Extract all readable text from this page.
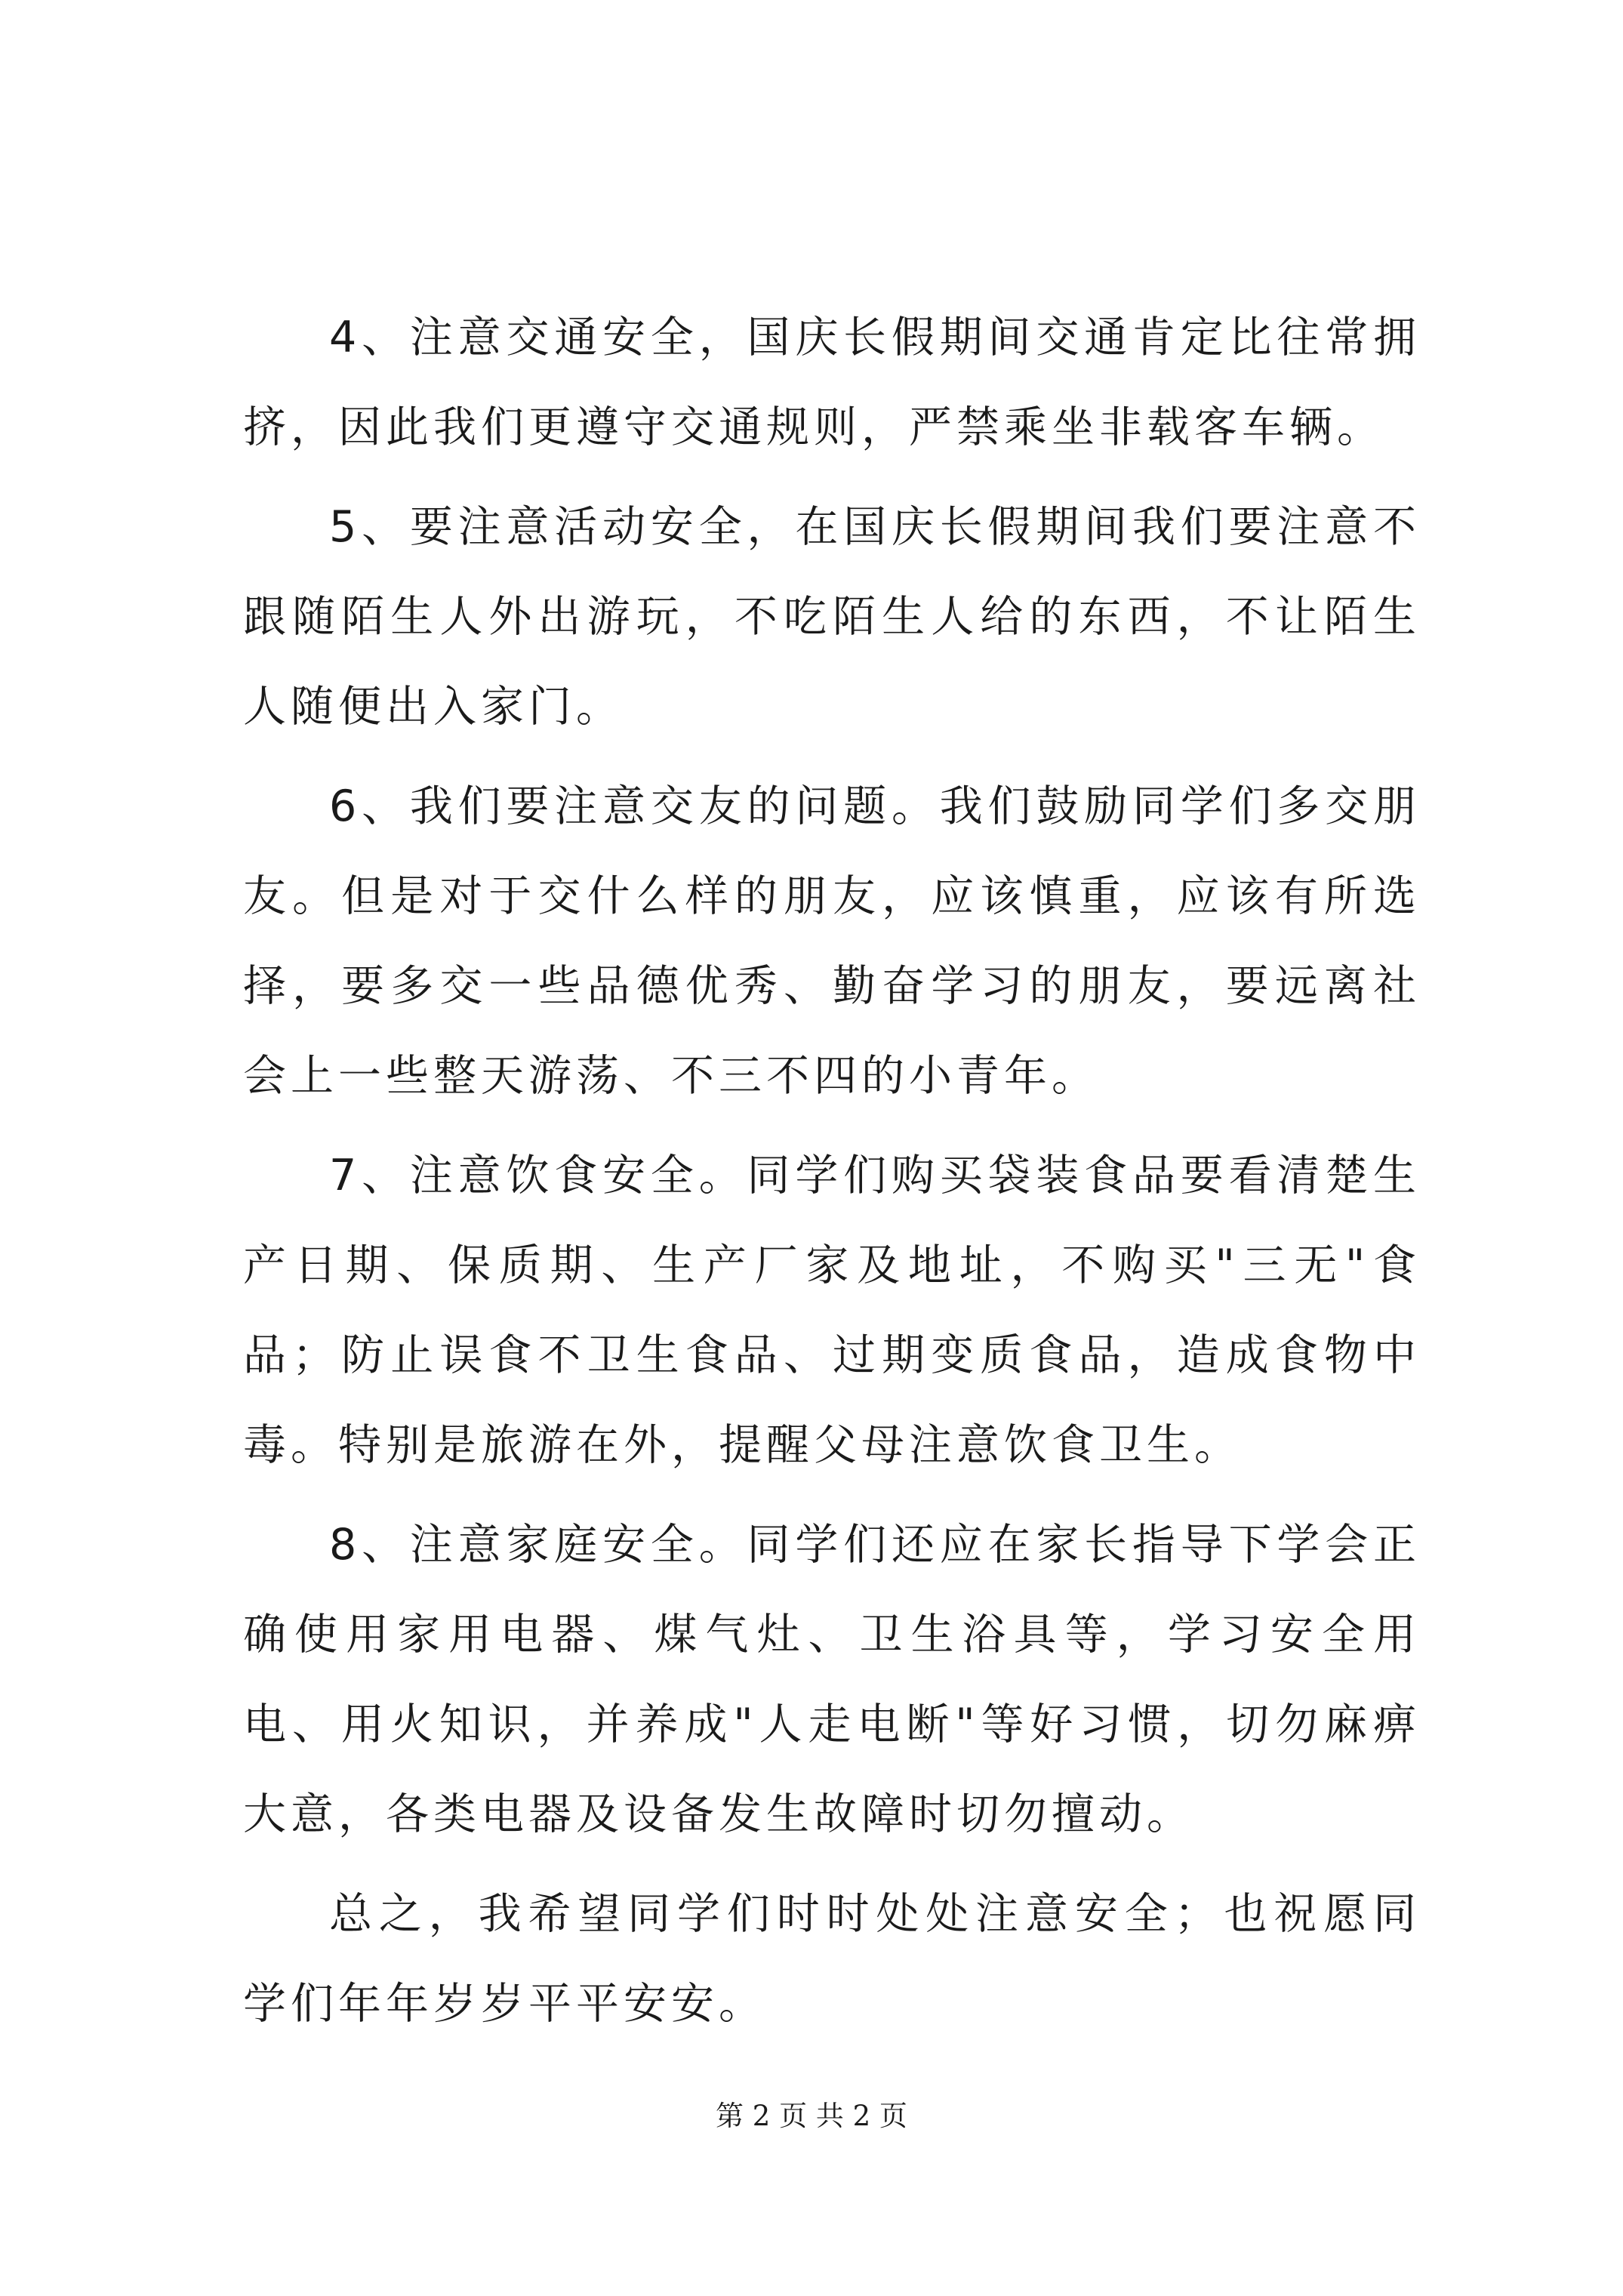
4、注意交通安全，国庆长假期间交通肯定比往常拥挤，因此我们更遵守交通规则，严禁乘坐非载客车辆。

5、要注意活动安全，在国庆长假期间我们要注意不跟随陌生人外出游玩，不吃陌生人给的东西，不让陌生人随便出入家门。

6、我们要注意交友的问题。我们鼓励同学们多交朋友。但是对于交什么样的朋友，应该慎重，应该有所选择，要多交一些品德优秀、勤奋学习的朋友，要远离社会上一些整天游荡、不三不四的小青年。

7、注意饮食安全。同学们购买袋装食品要看清楚生产日期、保质期、生产厂家及地址，不购买"三无"食品；防止误食不卫生食品、过期变质食品，造成食物中毒。特别是旅游在外，提醒父母注意饮食卫生。

8、注意家庭安全。同学们还应在家长指导下学会正确使用家用电器、煤气灶、卫生浴具等，学习安全用电、用火知识，并养成"人走电断"等好习惯，切勿麻痹大意，各类电器及设备发生故障时切勿擅动。

总之，我希望同学们时时处处注意安全；也祝愿同学们年年岁岁平平安安。

第 2 页 共 2 页
